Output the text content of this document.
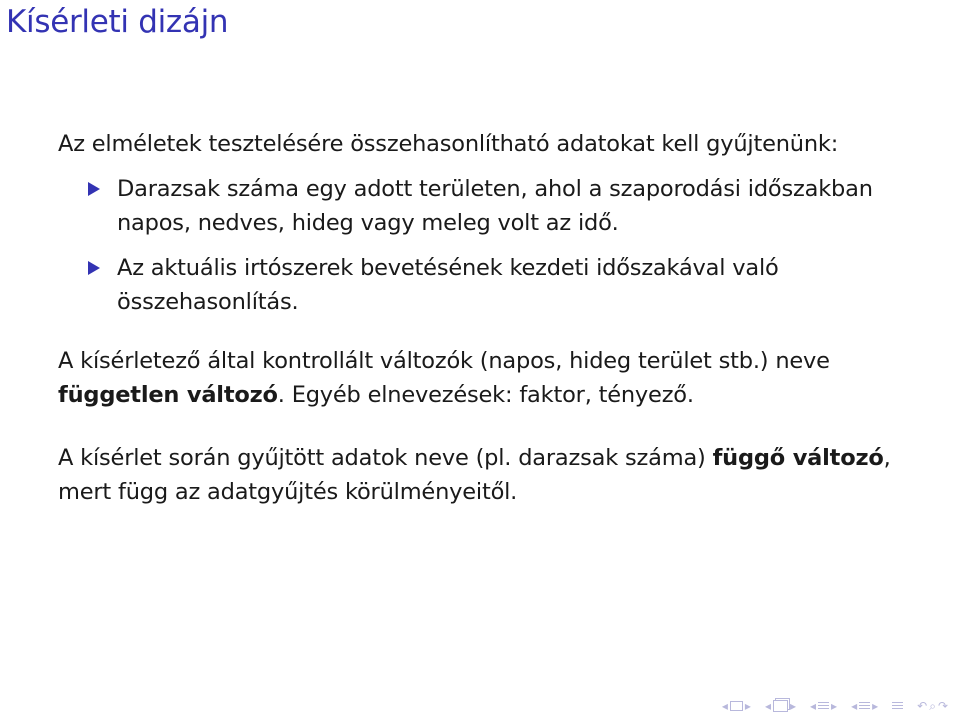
Kísérleti dizájn

Az elméletek tesztelésére összehasonlítható adatokat kell gyűjtenünk:

Darazsak száma egy adott területen, ahol a szaporodási időszakban napos, nedves, hideg vagy meleg volt az idő.
Az aktuális irtószerek bevetésének kezdeti időszakával való összehasonlítás.

A kísérletező által kontrollált változók (napos, hideg terület stb.) neve független változó. Egyéb elnevezések: faktor, tényező.

A kísérlet során gyűjtött adatok neve (pl. darazsak száma) függő változó, mert függ az adatgyűjtés körülményeitől.

◂ ▸ ◂ ▸ ◂ ▸ ◂ ▸	↶ ⌕ ↷
